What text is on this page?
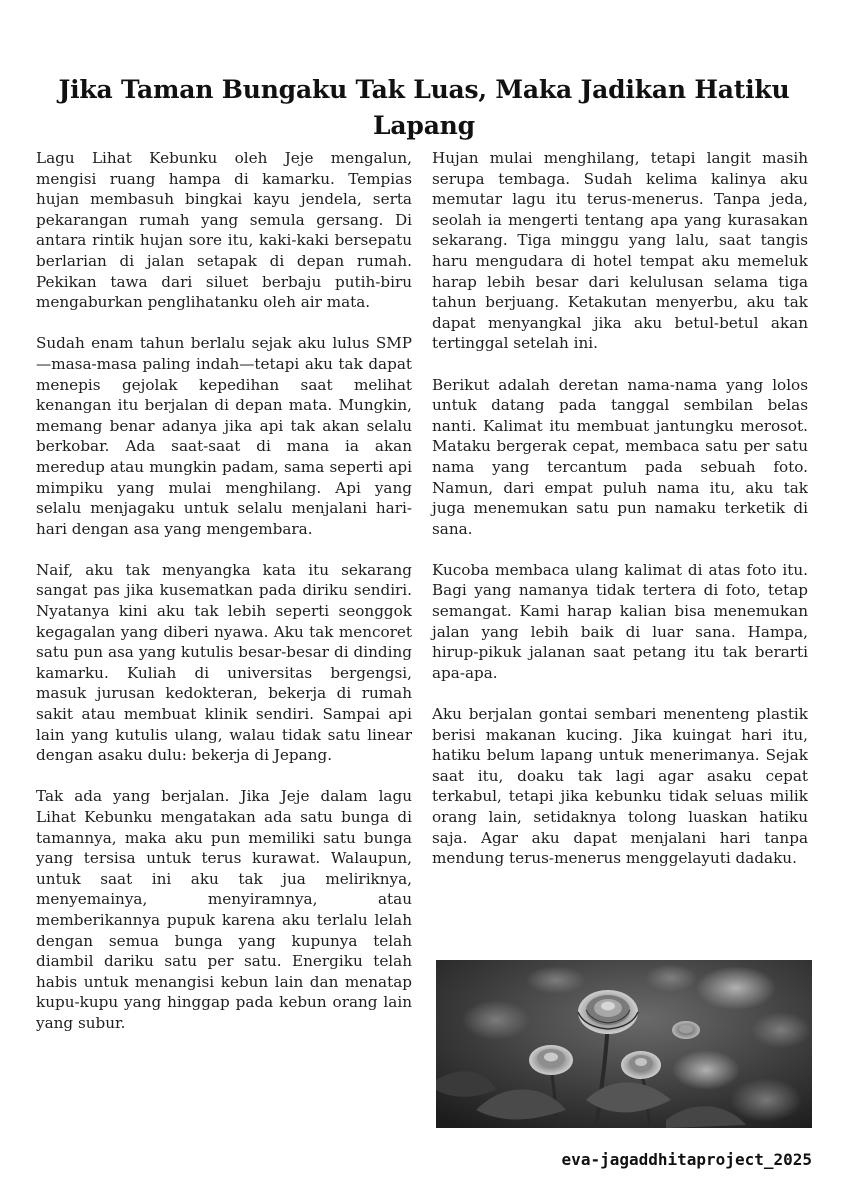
Jika Taman Bungaku Tak Luas, Maka Jadikan Hatiku Lapang

Lagu Lihat Kebunku oleh Jeje mengalun, mengisi ruang hampa di kamarku. Tempias hujan membasuh bingkai kayu jendela, serta pekarangan rumah yang semula gersang. Di antara rintik hujan sore itu, kaki-kaki bersepatu berlarian di jalan setapak di depan rumah. Pekikan tawa dari siluet berbaju putih-biru mengaburkan penglihatanku oleh air mata.

Sudah enam tahun berlalu sejak aku lulus SMP—masa-masa paling indah—tetapi aku tak dapat menepis gejolak kepedihan saat melihat kenangan itu berjalan di depan mata. Mungkin, memang benar adanya jika api tak akan selalu berkobar. Ada saat-saat di mana ia akan meredup atau mungkin padam, sama seperti api mimpiku yang mulai menghilang. Api yang selalu menjagaku untuk selalu menjalani hari-hari dengan asa yang mengembara.

Naif, aku tak menyangka kata itu sekarang sangat pas jika kusematkan pada diriku sendiri. Nyatanya kini aku tak lebih seperti seonggok kegagalan yang diberi nyawa. Aku tak mencoret satu pun asa yang kutulis besar-besar di dinding kamarku. Kuliah di universitas bergengsi, masuk jurusan kedokteran, bekerja di rumah sakit atau membuat klinik sendiri. Sampai api lain yang kutulis ulang, walau tidak satu linear dengan asaku dulu: bekerja di Jepang.

Tak ada yang berjalan. Jika Jeje dalam lagu Lihat Kebunku mengatakan ada satu bunga di tamannya, maka aku pun memiliki satu bunga yang tersisa untuk terus kurawat. Walaupun, untuk saat ini aku tak jua meliriknya, menyemainya, menyiramnya, atau memberikannya pupuk karena aku terlalu lelah dengan semua bunga yang kupunya telah diambil dariku satu per satu. Energiku telah habis untuk menangisi kebun lain dan menatap kupu-kupu yang hinggap pada kebun orang lain yang subur.

Hujan mulai menghilang, tetapi langit masih serupa tembaga. Sudah kelima kalinya aku memutar lagu itu terus-menerus. Tanpa jeda, seolah ia mengerti tentang apa yang kurasakan sekarang. Tiga minggu yang lalu, saat tangis haru mengudara di hotel tempat aku memeluk harap lebih besar dari kelulusan selama tiga tahun berjuang. Ketakutan menyerbu, aku tak dapat menyangkal jika aku betul-betul akan tertinggal setelah ini.

Berikut adalah deretan nama-nama yang lolos untuk datang pada tanggal sembilan belas nanti. Kalimat itu membuat jantungku merosot. Mataku bergerak cepat, membaca satu per satu nama yang tercantum pada sebuah foto. Namun, dari empat puluh nama itu, aku tak juga menemukan satu pun namaku terketik di sana.

Kucoba membaca ulang kalimat di atas foto itu. Bagi yang namanya tidak tertera di foto, tetap semangat. Kami harap kalian bisa menemukan jalan yang lebih baik di luar sana. Hampa, hirup-pikuk jalanan saat petang itu tak berarti apa-apa.

Aku berjalan gontai sembari menenteng plastik berisi makanan kucing. Jika kuingat hari itu, hatiku belum lapang untuk menerimanya. Sejak saat itu, doaku tak lagi agar asaku cepat terkabul, tetapi jika kebunku tidak seluas milik orang lain, setidaknya tolong luaskan hatiku saja. Agar aku dapat menjalani hari tanpa mendung terus-menerus menggelayuti dadaku.

eva-jagaddhitaproject_2025
